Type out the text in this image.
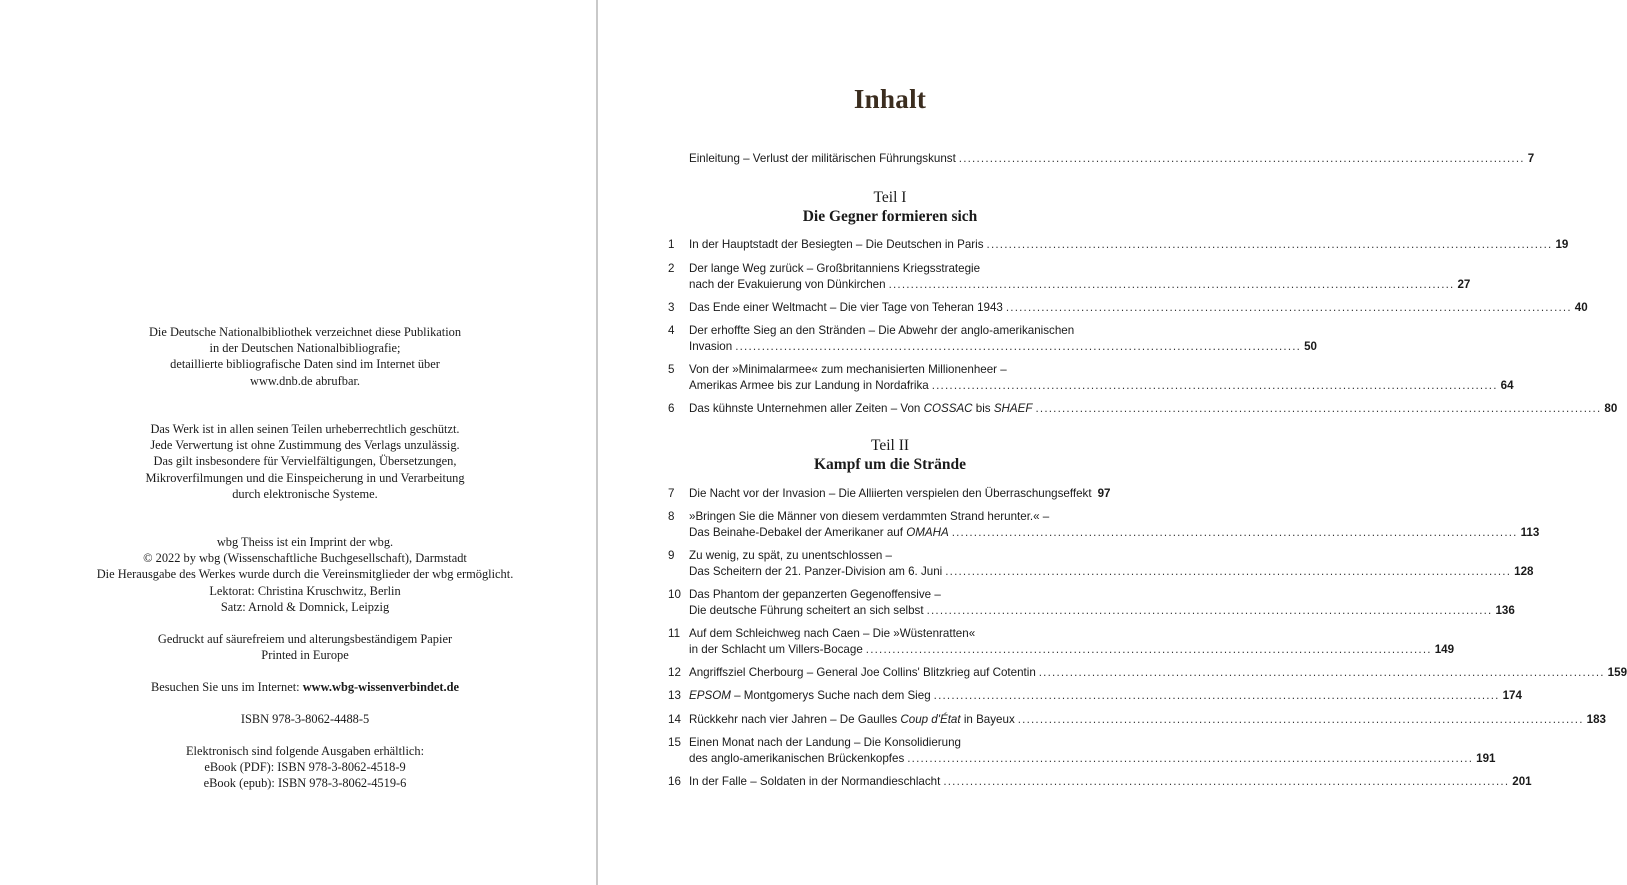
Die Deutsche Nationalbibliothek verzeichnet diese Publikation
in der Deutschen Nationalbibliografie;
detaillierte bibliografische Daten sind im Internet über
www.dnb.de abrufbar.
Das Werk ist in allen seinen Teilen urheberrechtlich geschützt.
Jede Verwertung ist ohne Zustimmung des Verlags unzulässig.
Das gilt insbesondere für Vervielfältigungen, Übersetzungen,
Mikroverfilmungen und die Einspeicherung in und Verarbeitung
durch elektronische Systeme.
wbg Theiss ist ein Imprint der wbg.
© 2022 by wbg (Wissenschaftliche Buchgesellschaft), Darmstadt
Die Herausgabe des Werkes wurde durch die Vereinsmitglieder der wbg ermöglicht.
Lektorat: Christina Kruschwitz, Berlin
Satz: Arnold & Domnick, Leipzig
Gedruckt auf säurefreiem und alterungsbeständigem Papier
Printed in Europe
Besuchen Sie uns im Internet: www.wbg-wissenverbindet.de
ISBN 978-3-8062-4488-5
Elektronisch sind folgende Ausgaben erhältlich:
eBook (PDF): ISBN 978-3-8062-4518-9
eBook (epub): ISBN 978-3-8062-4519-6
Inhalt
Einleitung – Verlust der militärischen Führungskunst ................................................................................................................................ 7
Teil I
Die Gegner formieren sich
1	In der Hauptstadt der Besiegten – Die Deutschen in Paris ................................................................................................................................ 19
2	Der lange Weg zurück – Großbritanniens Kriegsstrategie
nach der Evakuierung von Dünkirchen ................................................................................................................................ 27
3	Das Ende einer Weltmacht – Die vier Tage von Teheran 1943 ................................................................................................................................ 40
4	Der erhoffte Sieg an den Stränden – Die Abwehr der anglo-amerikanischen
Invasion ................................................................................................................................ 50
5	Von der »Minimalarmee« zum mechanisierten Millionenheer –
Amerikas Armee bis zur Landung in Nordafrika ................................................................................................................................ 64
6	Das kühnste Unternehmen aller Zeiten – Von COSSAC bis SHAEF ................................................................................................................................ 80
Teil II
Kampf um die Strände
7	Die Nacht vor der Invasion – Die Alliierten verspielen den Überraschungseffekt 97
8	»Bringen Sie die Männer von diesem verdammten Strand herunter.« –
Das Beinahe-Debakel der Amerikaner auf OMAHA ................................................................................................................................ 113
9	Zu wenig, zu spät, zu unentschlossen –
Das Scheitern der 21. Panzer-Division am 6. Juni ................................................................................................................................ 128
10 Das Phantom der gepanzerten Gegenoffensive –
Die deutsche Führung scheitert an sich selbst ................................................................................................................................ 136
11 Auf dem Schleichweg nach Caen – Die »Wüstenratten«
in der Schlacht um Villers-Bocage ................................................................................................................................ 149
12 Angriffsziel Cherbourg – General Joe Collins' Blitzkrieg auf Cotentin ................................................................................................................................ 159
13 EPSOM – Montgomerys Suche nach dem Sieg ................................................................................................................................ 174
14 Rückkehr nach vier Jahren – De Gaulles Coup d'État in Bayeux ................................................................................................................................ 183
15 Einen Monat nach der Landung – Die Konsolidierung
des anglo-amerikanischen Brückenkopfes ................................................................................................................................ 191
16 In der Falle – Soldaten in der Normandieschlacht ................................................................................................................................ 201
